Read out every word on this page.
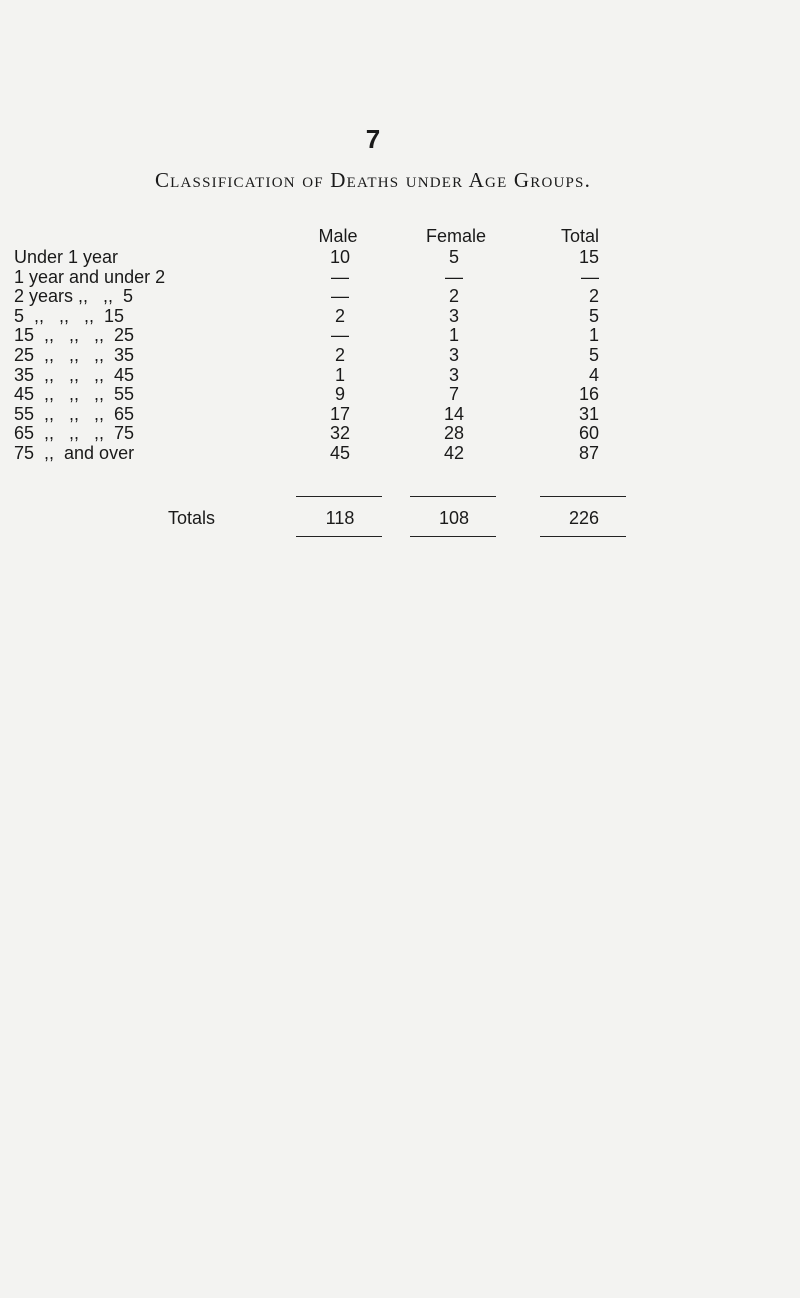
7
Classification of Deaths under Age Groups.
Male	Female	Total
Under 1 year	10	5	15
1 year and under 2	—	—	—
2 years ,,   ,,  5	—	2	2
5  ,,   ,,   ,,  15	2	3	5
15  ,,   ,,   ,,  25	—	1	1
25  ,,   ,,   ,,  35	2	3	5
35  ,,   ,,   ,,  45	1	3	4
45  ,,   ,,   ,,  55	9	7	16
55  ,,   ,,   ,,  65	17	14	31
65  ,,   ,,   ,,  75	32	28	60
75  ,,  and over	45	42	87
Totals	118	108	226
